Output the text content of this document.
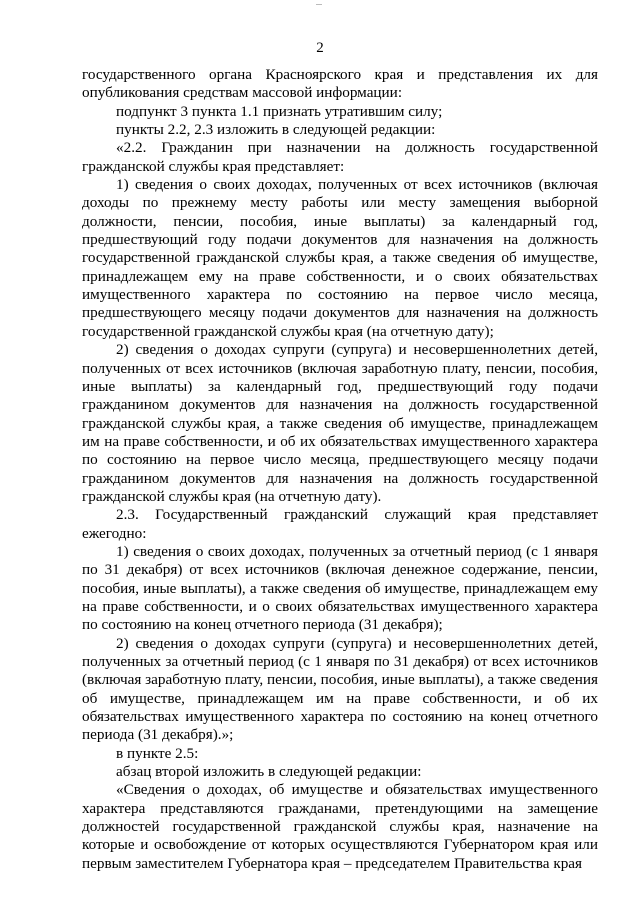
2

государственного органа Красноярского края и представления их для опубликования средствам массовой информации:

подпункт 3 пункта 1.1 признать утратившим силу;

пункты 2.2, 2.3 изложить в следующей редакции:

«2.2. Гражданин при назначении на должность государственной гражданской службы края представляет:

1) сведения о своих доходах, полученных от всех источников (включая доходы по прежнему месту работы или месту замещения выборной должности, пенсии, пособия, иные выплаты) за календарный год, предшествующий году подачи документов для назначения на должность государственной гражданской службы края, а также сведения об имуществе, принадлежащем ему на праве собственности, и о своих обязательствах имущественного характера по состоянию на первое число месяца, предшествующего месяцу подачи документов для назначения на должность государственной гражданской службы края (на отчетную дату);

2) сведения о доходах супруги (супруга) и несовершеннолетних детей, полученных от всех источников (включая заработную плату, пенсии, пособия, иные выплаты) за календарный год, предшествующий году подачи гражданином документов для назначения на должность государственной гражданской службы края, а также сведения об имуществе, принадлежащем им на праве собственности, и об их обязательствах имущественного характера по состоянию на первое число месяца, предшествующего месяцу подачи гражданином документов для назначения на должность государственной гражданской службы края (на отчетную дату).

2.3. Государственный гражданский служащий края представляет ежегодно:

1) сведения о своих доходах, полученных за отчетный период (с 1 января по 31 декабря) от всех источников (включая денежное содержание, пенсии, пособия, иные выплаты), а также сведения об имуществе, принадлежащем ему на праве собственности, и о своих обязательствах имущественного характера по состоянию на конец отчетного периода (31 декабря);

2) сведения о доходах супруги (супруга) и несовершеннолетних детей, полученных за отчетный период (с 1 января по 31 декабря) от всех источников (включая заработную плату, пенсии, пособия, иные выплаты), а также сведения об имуществе, принадлежащем им на праве собственности, и об их обязательствах имущественного характера по состоянию на конец отчетного периода (31 декабря).»;

в пункте 2.5:

абзац второй изложить в следующей редакции:

«Сведения о доходах, об имуществе и обязательствах имущественного характера представляются гражданами, претендующими на замещение должностей государственной гражданской службы края, назначение на которые и освобождение от которых осуществляются Губернатором края или первым заместителем Губернатора края – председателем Правительства края
